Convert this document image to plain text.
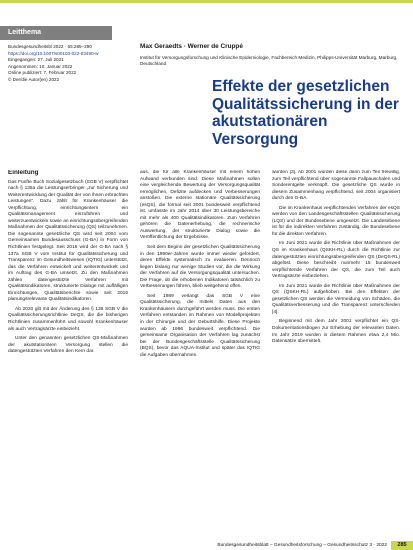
Leitthema
Bundesgesundheitsbl 2022 · 65:285–290
https://doi.org/10.1007/s00103-022-03490-w
Eingegangen: 27. Juli 2021
Angenommen: 10. Januar 2022
Online publiziert: 7. Februar 2022
© Der/die Autor(en) 2022
Max Geraedts · Werner de Cruppé
Institut für Versorgungsforschung und Klinische Epidemiologie, Fachbereich Medizin, Philipps-Universität Marburg, Marburg, Deutschland
Effekte der gesetzlichen Qualitätssicherung in der akutstationären Versorgung
Einleitung

Das Fünfte Buch Sozialgesetzbuch (SGB V) verpflichtet nach § 135a die Leistungserbringer „zur Sicherung und Weiterentwicklung der Qualität der von ihnen erbrachten Leistungen“. Dazu zählt für Krankenhäuser die Verpflichtung, einrichtungsintern ein Qualitätsmanagement einzuführen und weiterzuentwickeln sowie an einrichtungsübergreifenden Maßnahmen der Qualitätssicherung (QS) teilzunehmen. Die sogenannte gesetzliche QS wird seit 2004 vom Gemeinsamen Bundesausschuss (G-BA) in Form von Richtlinien festgelegt. Seit 2016 wird der G-BA nach § 137a SGB V vom Institut für Qualitätssicherung und Transparenz im Gesundheitswesen (IQTIG) unterstützt, das die Verfahren entwickelt und weiterentwickelt und im Auftrag des G-BA umsetzt. Zu den Maßnahmen zählen datengestützte Verfahren mit Qualitätsindikatoren, strukturierte Dialoge mit auffälligen Einrichtungen, Qualitätsberichte sowie seit 2016 planungsrelevante Qualitätsindikatoren.

Ab 2020 gilt mit der Änderung des § 136 SGB V die Qualitätssicherungsrichtlinie DeQS, die die bisherigen Richtlinien zusammenführt und sowohl Krankenhäuser als auch Vertragsärzte einbezieht.

Unter den genannten gesetzlichen QS-Maßnahmen der akutstationären Versorgung stellen die datengestützten Verfahren den Kern dar.

aus, die für alle Krankenhäuser mit einem hohen Aufwand verbunden sind. Diese Maßnahmen sollen eine vergleichende Bewertung der Versorgungsqualität ermöglichen, Defizite aufdecken und Verbesserungen anstoßen. Die externe stationäre Qualitätssicherung (esQS), die formal seit 2001 bundesweit verpflichtend ist, umfasste im Jahr 2014 über 30 Leistungsbereiche mit mehr als 400 Qualitätsindikatoren. Zum Verfahren gehören die Datenerhebung, die rechnerische Auswertung, der strukturierte Dialog sowie die Veröffentlichung der Ergebnisse.

Seit dem Beginn der gesetzlichen Qualitätssicherung in den 1990er-Jahren wurde immer wieder gefordert, deren Effekte systematisch zu evaluieren. Dennoch liegen bislang nur wenige Studien vor, die die Wirkung der Verfahren auf die Versorgungsqualität untersuchen. Die Frage, ob die erhobenen Indikatoren tatsächlich zu Verbesserungen führen, blieb weitgehend offen.

Seit 1989 verlangt das SGB V eine Qualitätssicherung, die mittels Daten aus den Krankenhäusern durchgeführt werden muss. Die ersten Verfahren entstanden im Rahmen von Modellprojekten in der Chirurgie und der Geburtshilfe. Diese Projekte wurden ab 1996 bundesweit verpflichtend. Die gemeinsame Organisation der Verfahren lag zunächst bei der Bundesgeschäftsstelle Qualitätssicherung (BQS), bevor das AQUA-Institut und später das IQTIG die Aufgaben übernahmen.

wurden [3]. Ab 2001 wurden diese dann zum Teil freiwillig, zum Teil verpflichtend über sogenannte Fallpauschalen und Sonderentgelte verknüpft. Die gesetzliche QS wurde in diesem Zusammenhang verpflichtend, seit 2004 organisiert durch den G-BA.

Die im Krankenhaus verpflichtenden Verfahren der esQS werden von den Landesgeschäftsstellen Qualitätssicherung (LQS) und der Bundesebene umgesetzt. Die Landesebene ist für die indirekten Verfahren zuständig, die Bundesebene für die direkten Verfahren.

Im Juni 2021 wurde die Richtlinie über Maßnahmen der QS im Krankenhaus (QSKH-RL) durch die Richtlinie zur datengestützten einrichtungsübergreifenden QS (DeQS-RL) abgelöst. Diese beschreibt nunmehr 15 bundesweit verpflichtende Verfahren der QS, die zum Teil auch Vertragsärzte einbeziehen.

Im Juni 2021 wurde die Richtlinie über Maßnahmen der QS (QSKH-RL) aufgehoben. Bei den Effekten der gesetzlichen QS werden die Vermeidung von Schäden, die Qualitätsverbesserung und die Transparenz unterschieden [4].

Beginnend mit dem Jahr 2001 verpflichtet ein QS-Dokumentationsbogen zur Erhebung der relevanten Daten. Im Jahr 2019 wurden in diesem Rahmen etwa 2,4 Mio. Datensätze übermittelt.

Bundesgesundheitsblatt – Gesundheitsforschung – Gesundheitsschutz 3 · 2022	285
